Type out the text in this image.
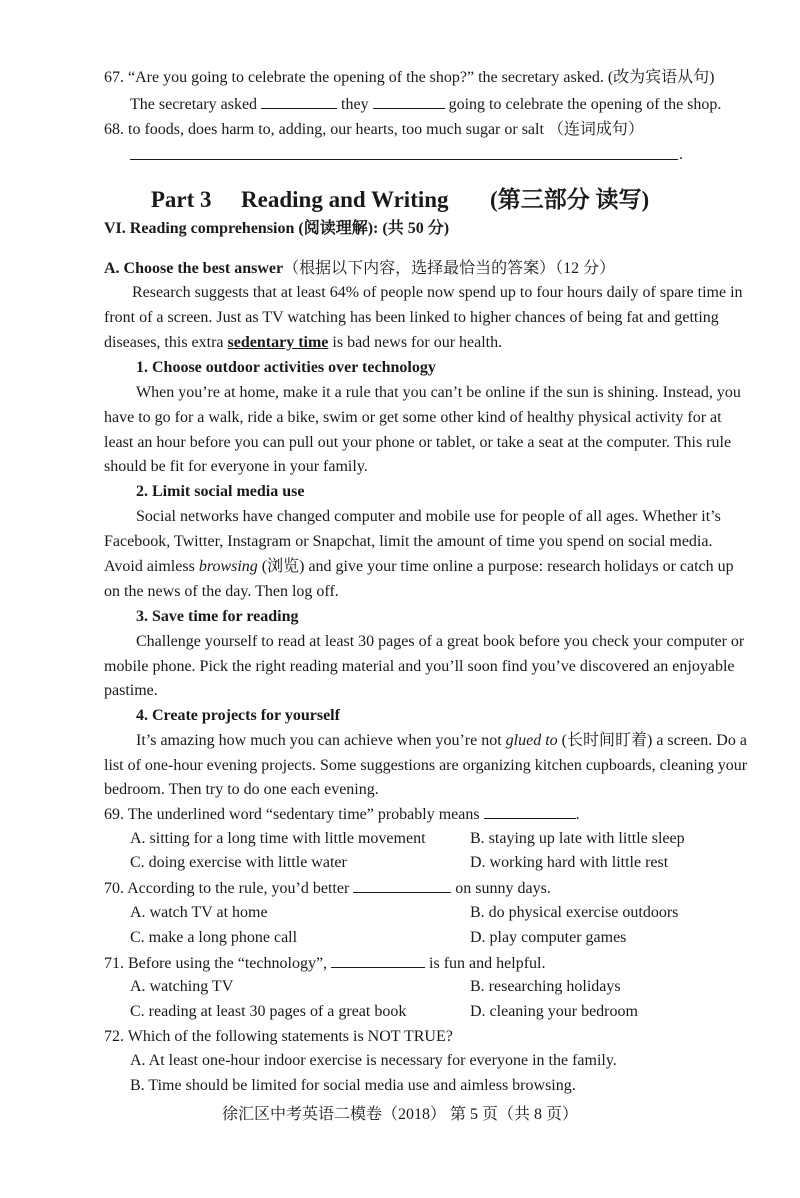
67. “Are you going to celebrate the opening of the shop?” the secretary asked. (改为宾语从句)
The secretary asked	they	going to celebrate the opening of the shop.
68. to foods, does harm to, adding, our hearts, too much sugar or salt （连词成句）
.
Part 3 Reading and Writing (第三部分 读写)
VI. Reading comprehension (阅读理解): (共 50 分)
A. Choose the best answer（根据以下内容，选择最恰当的答案）（12 分）
Research suggests that at least 64% of people now spend up to four hours daily of spare time in
front of a screen. Just as TV watching has been linked to higher chances of being fat and getting
diseases, this extra sedentary time is bad news for our health.
1. Choose outdoor activities over technology
When you’re at home, make it a rule that you can’t be online if the sun is shining. Instead, you
have to go for a walk, ride a bike, swim or get some other kind of healthy physical activity for at
least an hour before you can pull out your phone or tablet, or take a seat at the computer. This rule
should be fit for everyone in your family.
2. Limit social media use
Social networks have changed computer and mobile use for people of all ages. Whether it’s
Facebook, Twitter, Instagram or Snapchat, limit the amount of time you spend on social media.
Avoid aimless browsing (浏览) and give your time online a purpose: research holidays or catch up
on the news of the day. Then log off.
3. Save time for reading
Challenge yourself to read at least 30 pages of a great book before you check your computer or
mobile phone. Pick the right reading material and you’ll soon find you’ve discovered an enjoyable
pastime.
4. Create projects for yourself
It’s amazing how much you can achieve when you’re not glued to (长时间盯着) a screen. Do a
list of one-hour evening projects. Some suggestions are organizing kitchen cupboards, cleaning your
bedroom. Then try to do one each evening.
69. The underlined word “sedentary time” probably means	.
A. sitting for a long time with little movement	B. staying up late with little sleep
C. doing exercise with little water	D. working hard with little rest
70. According to the rule, you’d better	on sunny days.
A. watch TV at home	B. do physical exercise outdoors
C. make a long phone call	D. play computer games
71. Before using the “technology”,	is fun and helpful.
A. watching TV	B. researching holidays
C. reading at least 30 pages of a great book	D. cleaning your bedroom
72. Which of the following statements is NOT TRUE?
A. At least one-hour indoor exercise is necessary for everyone in the family.
B. Time should be limited for social media use and aimless browsing.
徐汇区中考英语二模卷（2018） 第 5 页（共 8 页）
